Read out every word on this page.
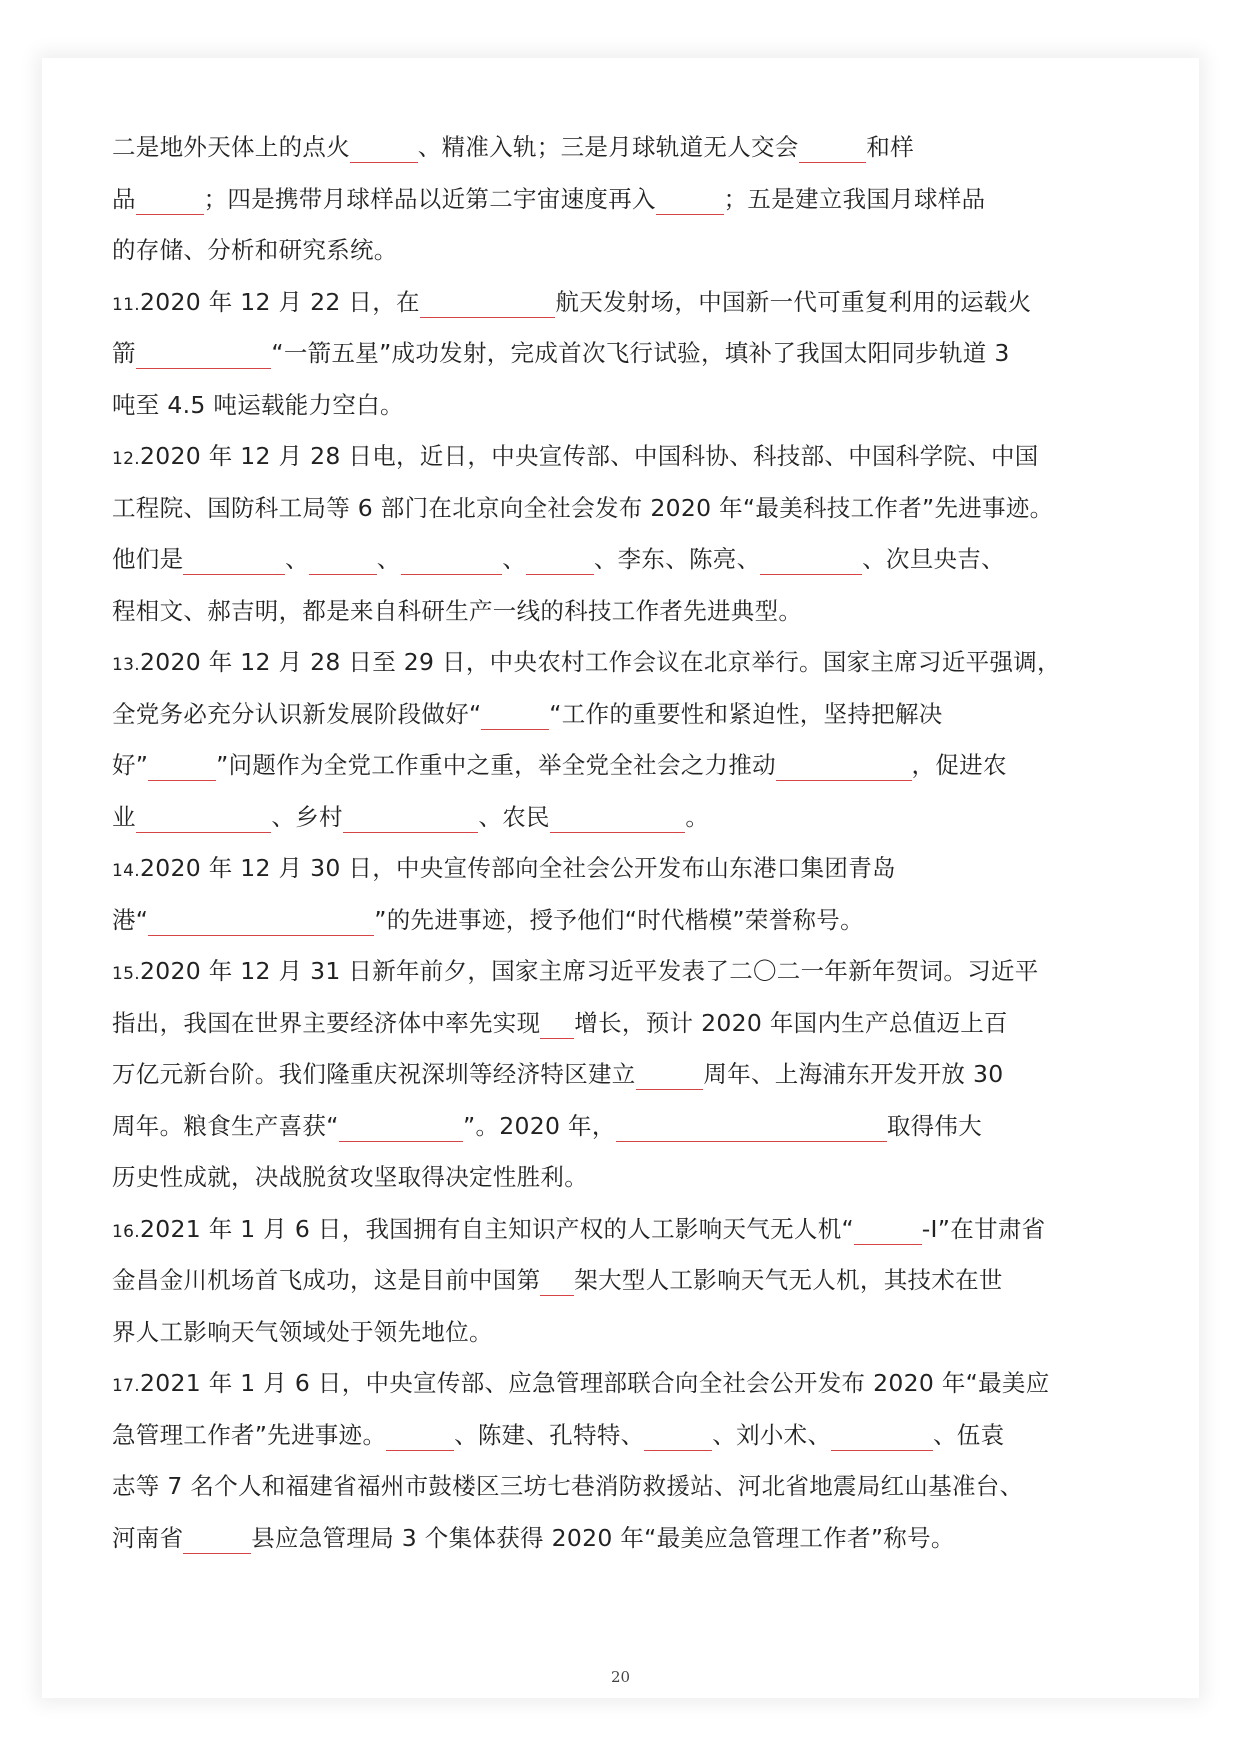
二是地外天体上的点火	、精准入轨；三是月球轨道无人交会	和样
品	；四是携带月球样品以近第二宇宙速度再入	；五是建立我国月球样品
的存储、分析和研究系统。
11.2020 年 12 月 22 日，在	航天发射场，中国新一代可重复利用的运载火
箭	“一箭五星”成功发射，完成首次飞行试验，填补了我国太阳同步轨道 3
吨至 4.5 吨运载能力空白。
12.2020 年 12 月 28 日电，近日，中央宣传部、中国科协、科技部、中国科学院、中国
工程院、国防科工局等 6 部门在北京向全社会发布 2020 年“最美科技工作者”先进事迹。
他们是	、	、	、	、李东、陈亮、	、次旦央吉、
程相文、郝吉明，都是来自科研生产一线的科技工作者先进典型。
13.2020 年 12 月 28 日至 29 日，中央农村工作会议在北京举行。国家主席习近平强调，
全党务必充分认识新发展阶段做好“	“工作的重要性和紧迫性，坚持把解决
好”	”问题作为全党工作重中之重，举全党全社会之力推动	，促进农
业	、乡村	、农民	。
14.2020 年 12 月 30 日，中央宣传部向全社会公开发布山东港口集团青岛
港“	”的先进事迹，授予他们“时代楷模”荣誉称号。
15.2020 年 12 月 31 日新年前夕，国家主席习近平发表了二〇二一年新年贺词。习近平
指出，我国在世界主要经济体中率先实现 增长，预计 2020 年国内生产总值迈上百
万亿元新台阶。我们隆重庆祝深圳等经济特区建立	周年、上海浦东开发开放 30
周年。粮食生产喜获“	”。2020 年，	取得伟大
历史性成就，决战脱贫攻坚取得决定性胜利。
16.2021 年 1 月 6 日，我国拥有自主知识产权的人工影响天气无人机“	-I”在甘肃省
金昌金川机场首飞成功，这是目前中国第 架大型人工影响天气无人机，其技术在世
界人工影响天气领域处于领先地位。
17.2021 年 1 月 6 日，中央宣传部、应急管理部联合向全社会公开发布 2020 年“最美应
急管理工作者”先进事迹。	、陈建、孔特特、	、刘小术、	、伍袁
志等 7 名个人和福建省福州市鼓楼区三坊七巷消防救援站、河北省地震局红山基准台、
河南省	县应急管理局 3 个集体获得 2020 年“最美应急管理工作者”称号。
20
